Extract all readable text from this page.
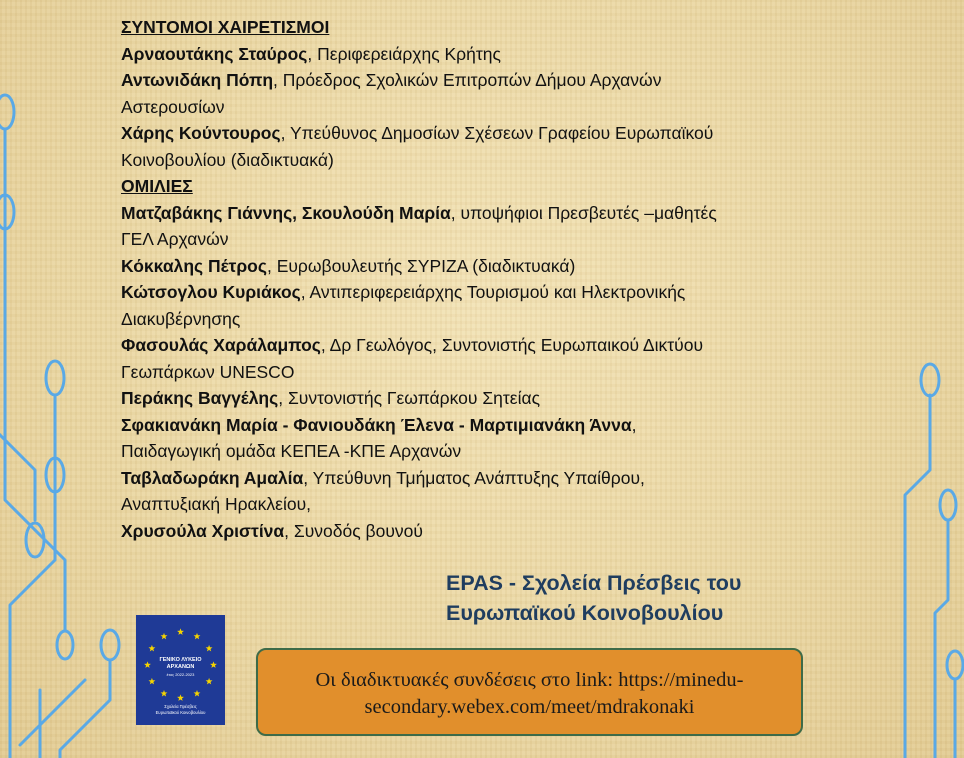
ΣΥΝΤΟΜΟΙ ΧΑΙΡΕΤΙΣΜΟΙ
Αρναουτάκης Σταύρος, Περιφερειάρχης Κρήτης
Αντωνιδάκη Πόπη, Πρόεδρος Σχολικών Επιτροπών Δήμου Αρχανών
Αστερουσίων
Χάρης Κούντουρος, Υπεύθυνος Δημοσίων Σχέσεων Γραφείου Ευρωπαϊκού
Κοινοβουλίου (διαδικτυακά)
ΟΜΙΛΙΕΣ
Ματζαβάκης Γιάννης, Σκουλούδη Μαρία, υποψήφιοι Πρεσβευτές –μαθητές
ΓΕΛ Αρχανών
Κόκκαλης Πέτρος, Ευρωβουλευτής ΣΥΡΙΖΑ (διαδικτυακά)
Κώτσογλου Κυριάκος, Αντιπεριφερειάρχης Τουρισμού και Ηλεκτρονικής
Διακυβέρνησης
Φασουλάς Χαράλαμπος, Δρ Γεωλόγος, Συντονιστής Ευρωπαικού Δικτύου
Γεωπάρκων UNESCO
Περάκης Βαγγέλης, Συντονιστής Γεωπάρκου Σητείας
Σφακιανάκη Μαρία - Φανιουδάκη Έλενα - Μαρτιμιανάκη Άννα,
Παιδαγωγική ομάδα ΚΕΠΕΑ -ΚΠΕ Αρχανών
Ταβλαδωράκη Αμαλία, Υπεύθυνη Τμήματος Ανάπτυξης Υπαίθρου,
Αναπτυξιακή Ηρακλείου,
Χρυσούλα Χριστίνα, Συνοδός βουνού
EPAS - Σχολεία Πρέσβεις του
Ευρωπαϊκού Κοινοβουλίου
ΓΕΝΙΚΟ ΛΥΚΕΙΟ
ΑΡΧΑΝΩΝ
έτος 2022-2023
Σχολεία Πρέσβεις
Ευρωπαϊκού Κοινοβουλίου
Οι διαδικτυακές συνδέσεις στο link: https://minedu-
secondary.webex.com/meet/mdrakonaki
